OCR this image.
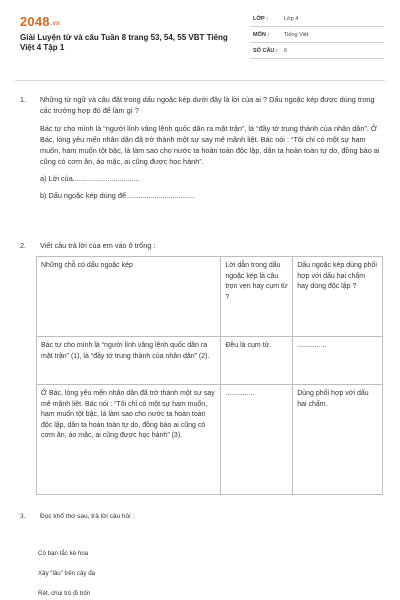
2048.vn
Giải Luyện từ và câu Tuần 8 trang 53, 54, 55 VBT Tiếng Việt 4 Tập 1
LỚP :	Lớp 4
MÔN :	Tiếng Việt
SỐ CÂU : 6
1.	Những từ ngữ và câu đặt trong dấu ngoặc kép dưới đây là lời của ai ? Dấu ngoặc kép được dùng trong các trường hợp đó để làm gì ?
Bác tự cho mình là “người lính vâng lệnh quốc dân ra mặt trận”, là “đầy tớ trung thành của nhân dân”. Ở Bác, lòng yêu mến nhân dân đã trở thành một sự say mê mãnh liệt. Bác nói : “Tôi chỉ có một sự ham muốn, ham muốn tột bậc, là làm sao cho nước ta hoàn toàn độc lập, dân ta hoàn toàn tự do, đồng bào ai cũng có cơm ăn, áo mặc, ai cũng được học hành”.
a) Lời của.................................
b) Dấu ngoặc kép dùng để..................................
2.	Viết câu trả lời của em vào ô trống :
Những chỗ có dấu ngoặc kép	Lời dẫn trong dấu ngoặc kép là câu trọn vẹn hay cụm từ ?	Dấu ngoặc kép dùng phối hợp với dấu hai chấm hay dùng độc lập ?
Bác tự cho mình là “người lính vâng lệnh quốc dân ra mặt trận” (1), là “đầy tớ trung thành của nhân dân” (2).	Đều là cụm từ.	...............
Ở Bác, lòng yêu mến nhân dân đã trở thành một sự say mê mãnh liệt. Bác nói : “Tôi chỉ có một sự ham muốn, ham muốn tột bậc, là làm sao cho nước ta hoàn toàn độc lập, dân ta hoàn toàn tự do, đồng bào ai cũng có cơm ăn, áo mặc, ai cũng được học hành” (3).	...............	Dùng phối hợp với dấu hai chấm.
3.	Đọc khổ thơ sau, trả lời câu hỏi :
Có bạn tắc kè hoa
Xây “lâu” trên cây đa
Rét, chui trò đi trốn
